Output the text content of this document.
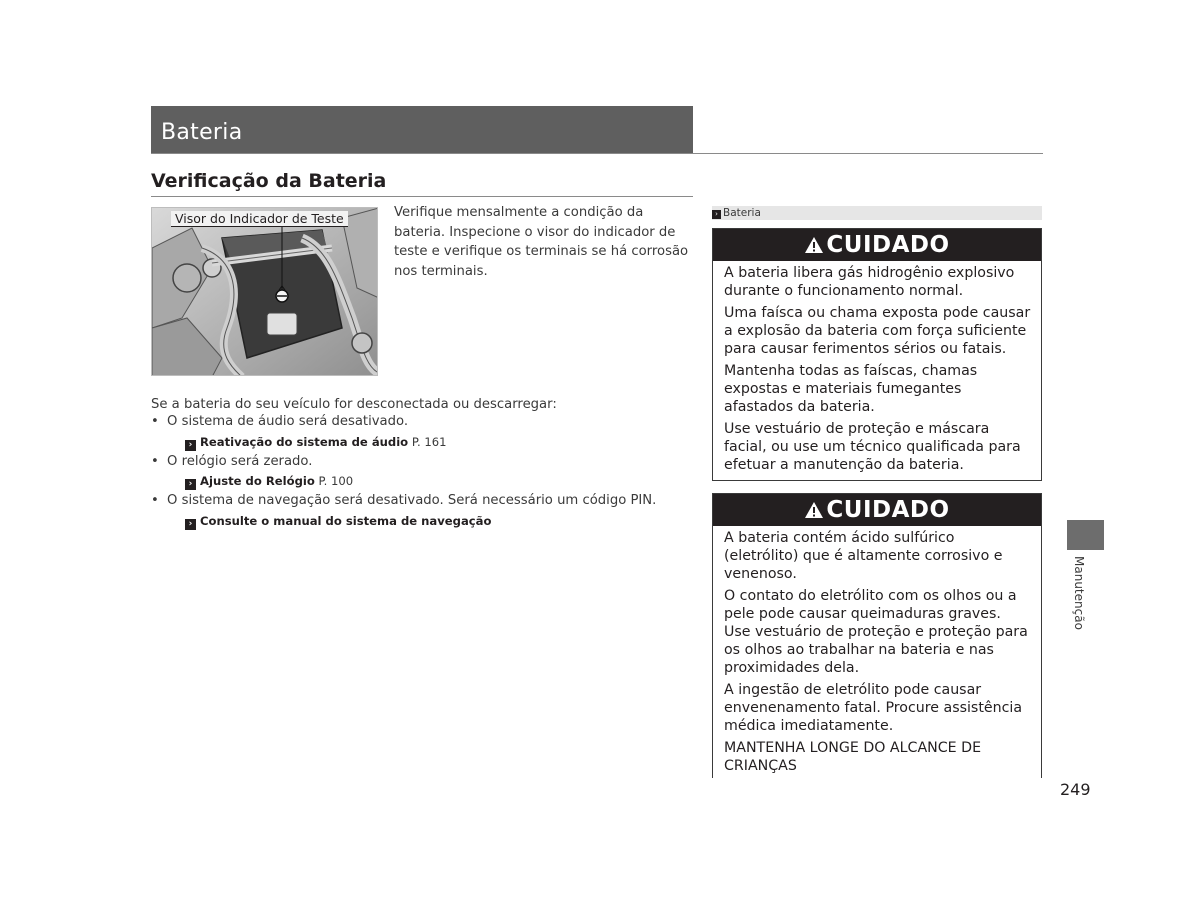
Bateria
Verificação da Bateria
Visor do Indicador de Teste	Verifique mensalmente a condição da bateria. Inspecione o visor do indicador de teste e verifique os terminais se há corrosão nos terminais.
Se a bateria do seu veículo for desconectada ou descarregar:
• O sistema de áudio será desativado.
› Reativação do sistema de áudio P. 161
• O relógio será zerado.
› Ajuste do Relógio P. 100
• O sistema de navegação será desativado. Será necessário um código PIN.
› Consulte o manual do sistema de navegação
› Bateria
CUIDADO

A bateria libera gás hidrogênio explosivo durante o funcionamento normal.

Uma faísca ou chama exposta pode causar a explosão da bateria com força suficiente para causar ferimentos sérios ou fatais.

Mantenha todas as faíscas, chamas expostas e materiais fumegantes afastados da bateria.

Use vestuário de proteção e máscara facial, ou use um técnico qualificada para efetuar a manutenção da bateria.

CUIDADO

A bateria contém ácido sulfúrico (eletrólito) que é altamente corrosivo e venenoso.

O contato do eletrólito com os olhos ou a pele pode causar queimaduras graves. Use vestuário de proteção e proteção para os olhos ao trabalhar na bateria e nas proximidades dela.

A ingestão de eletrólito pode causar envenenamento fatal. Procure assistência médica imediatamente.

MANTENHA LONGE DO ALCANCE DE CRIANÇAS

Manutenção
249
